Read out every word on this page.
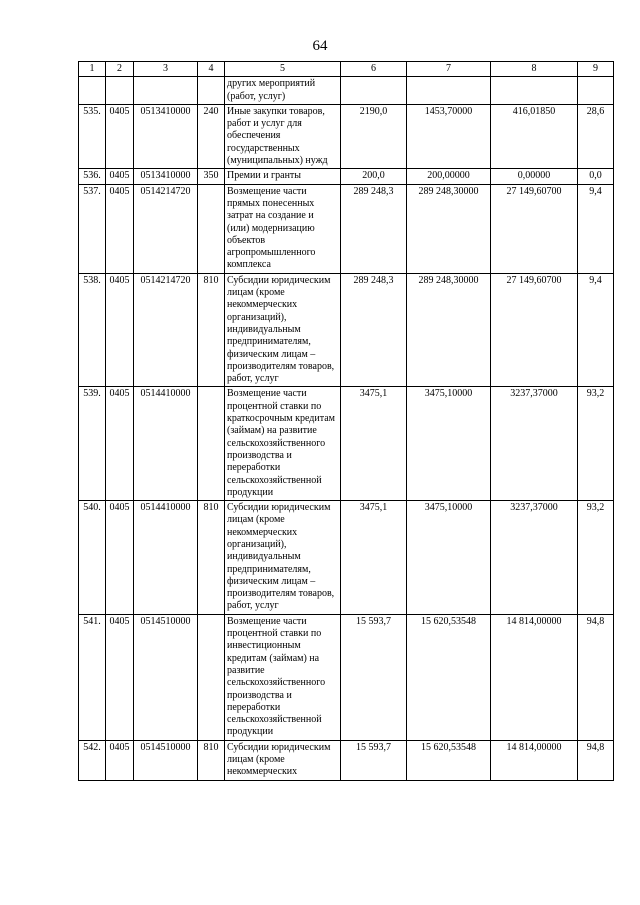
64
1	2	3	4	5	6	7	8	9
				других мероприятий (работ, услуг)				
535.	0405	0513410000	240	Иные закупки товаров, работ и услуг для обеспечения государственных (муниципальных) нужд	2190,0	1453,70000	416,01850	28,6
536.	0405	0513410000	350	Премии и гранты	200,0	200,00000	0,00000	0,0
537.	0405	0514214720		Возмещение части прямых понесенных затрат на создание и (или) модернизацию объектов агропромышленного комплекса	289 248,3	289 248,30000	27 149,60700	9,4
538.	0405	0514214720	810	Субсидии юридическим лицам (кроме некоммерческих организаций), индивидуальным предпринимателям, физическим лицам – производителям товаров, работ, услуг	289 248,3	289 248,30000	27 149,60700	9,4
539.	0405	0514410000		Возмещение части процентной ставки по краткосрочным кредитам (займам) на развитие сельскохозяйственного производства и переработки сельскохозяйственной продукции	3475,1	3475,10000	3237,37000	93,2
540.	0405	0514410000	810	Субсидии юридическим лицам (кроме некоммерческих организаций), индивидуальным предпринимателям, физическим лицам – производителям товаров, работ, услуг	3475,1	3475,10000	3237,37000	93,2
541.	0405	0514510000		Возмещение части процентной ставки по инвестиционным кредитам (займам) на развитие сельскохозяйственного производства и переработки сельскохозяйственной продукции	15 593,7	15 620,53548	14 814,00000	94,8
542.	0405	0514510000	810	Субсидии юридическим лицам (кроме некоммерческих	15 593,7	15 620,53548	14 814,00000	94,8
